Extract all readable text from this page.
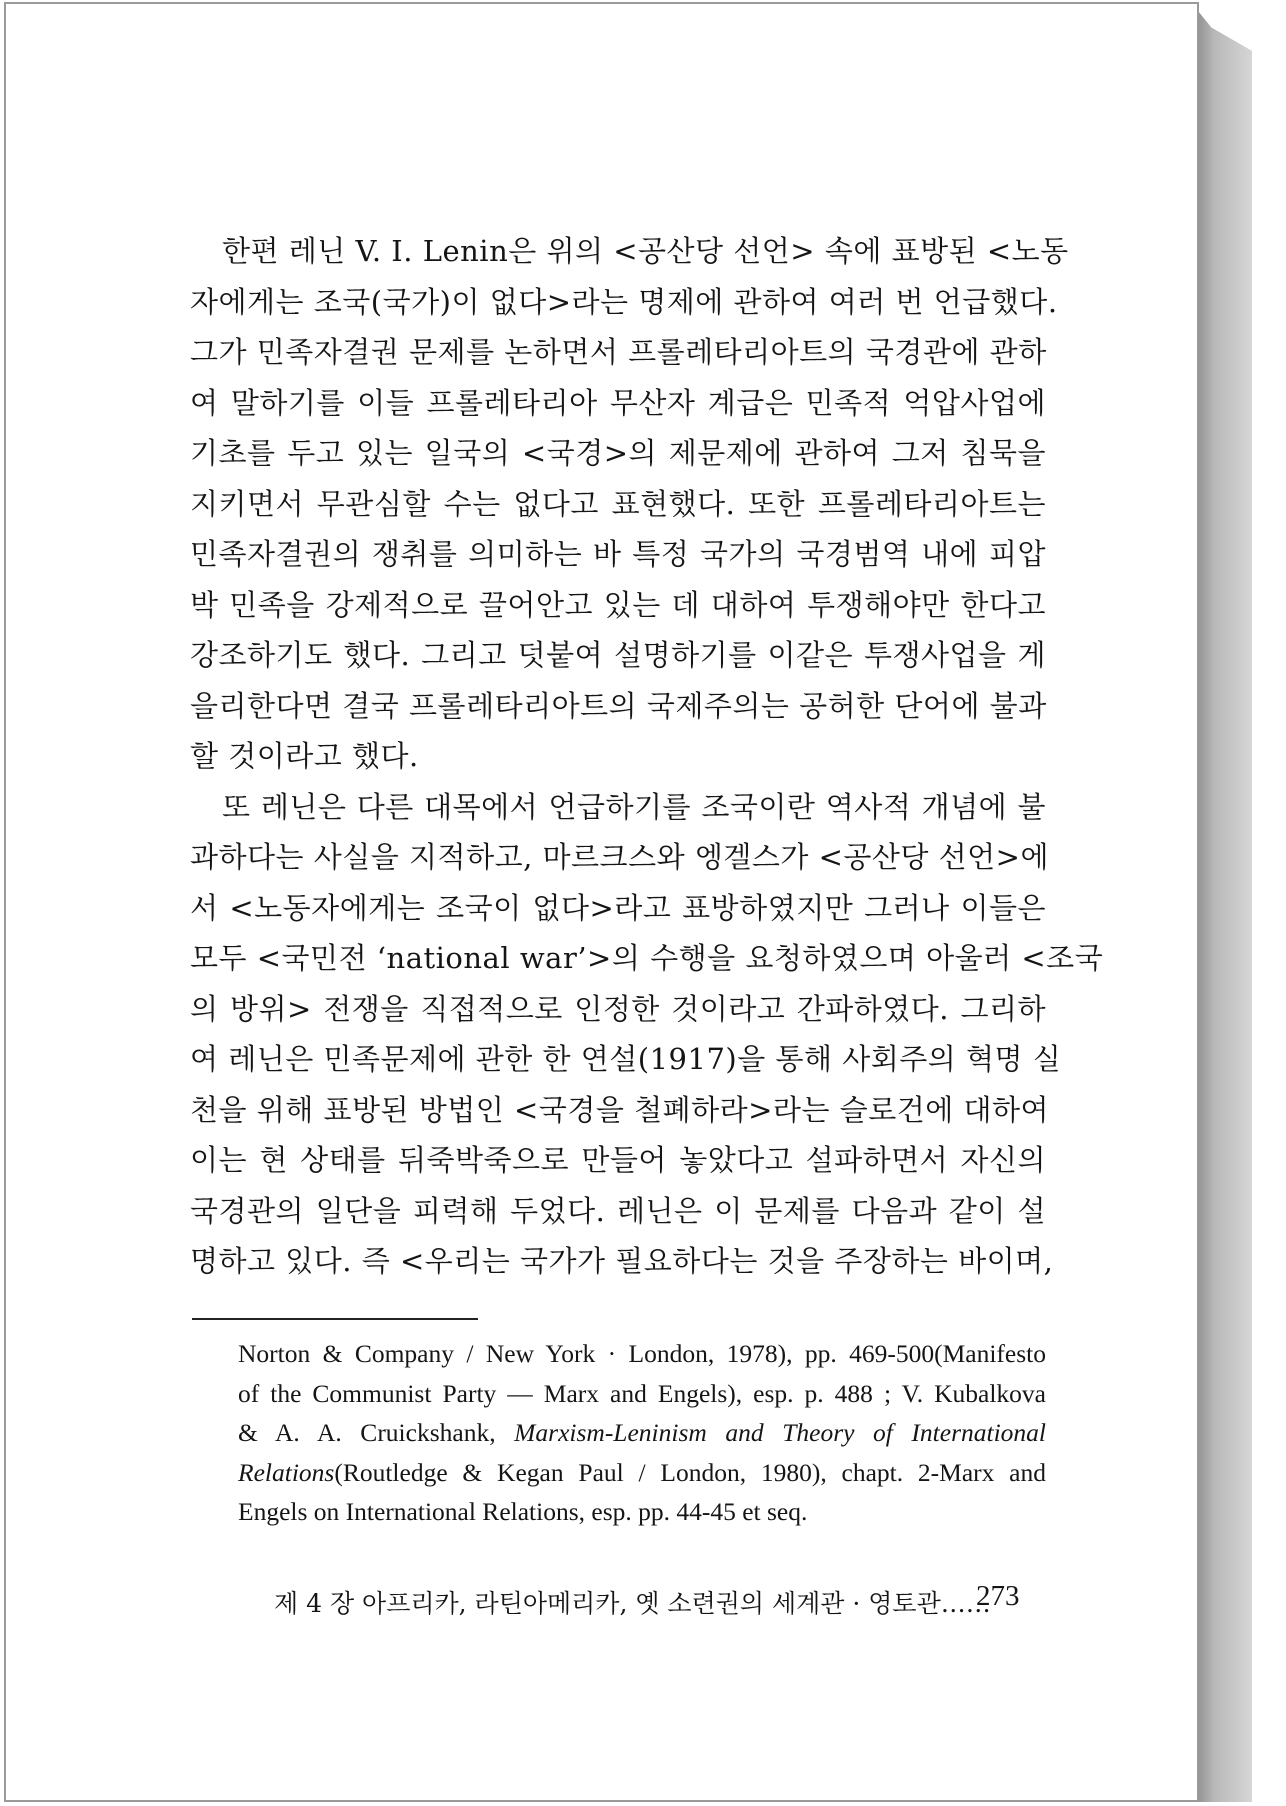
한편 레닌 V. I. Lenin은 위의 <공산당 선언> 속에 표방된 <노동
자에게는 조국(국가)이 없다>라는 명제에 관하여 여러 번 언급했다.
그가 민족자결권 문제를 논하면서 프롤레타리아트의 국경관에 관하
여 말하기를 이들 프롤레타리아 무산자 계급은 민족적 억압사업에
기초를 두고 있는 일국의 <국경>의 제문제에 관하여 그저 침묵을
지키면서 무관심할 수는 없다고 표현했다. 또한 프롤레타리아트는
민족자결권의 쟁취를 의미하는 바 특정 국가의 국경범역 내에 피압
박 민족을 강제적으로 끌어안고 있는 데 대하여 투쟁해야만 한다고
강조하기도 했다. 그리고 덧붙여 설명하기를 이같은 투쟁사업을 게
을리한다면 결국 프롤레타리아트의 국제주의는 공허한 단어에 불과
할 것이라고 했다.
또 레닌은 다른 대목에서 언급하기를 조국이란 역사적 개념에 불
과하다는 사실을 지적하고, 마르크스와 엥겔스가 <공산당 선언>에
서 <노동자에게는 조국이 없다>라고 표방하였지만 그러나 이들은
모두 <국민전 ‘national war’>의 수행을 요청하였으며 아울러 <조국
의 방위> 전쟁을 직접적으로 인정한 것이라고 간파하였다. 그리하
여 레닌은 민족문제에 관한 한 연설(1917)을 통해 사회주의 혁명 실
천을 위해 표방된 방법인 <국경을 철폐하라>라는 슬로건에 대하여
이는 현 상태를 뒤죽박죽으로 만들어 놓았다고 설파하면서 자신의
국경관의 일단을 피력해 두었다. 레닌은 이 문제를 다음과 같이 설
명하고 있다. 즉 <우리는 국가가 필요하다는 것을 주장하는 바이며,
Norton & Company / New York · London, 1978), pp. 469-500(Manifesto
of the Communist Party — Marx and Engels), esp. p. 488 ; V. Kubalkova
& A. A. Cruickshank, Marxism-Leninism and Theory of International
Relations(Routledge & Kegan Paul / London, 1980), chapt. 2-Marx and
Engels on International Relations, esp. pp. 44-45 et seq.
제 4 장 아프리카, 라틴아메리카, 옛 소련권의 세계관 · 영토관……
273
